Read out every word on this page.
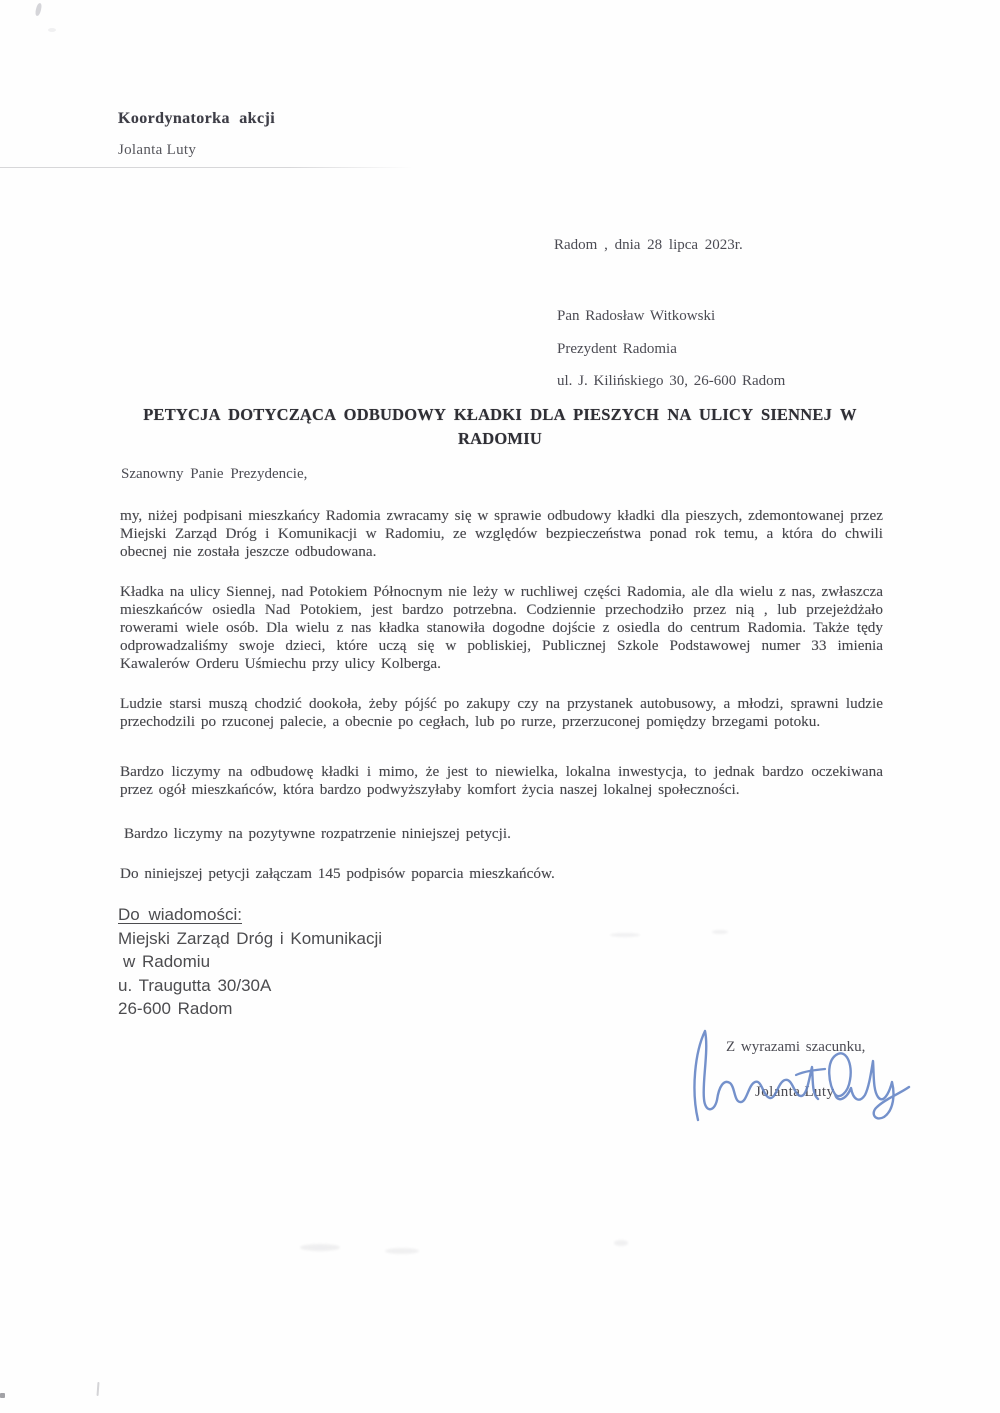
Koordynatorka akcji
Jolanta Luty
Radom , dnia 28 lipca 2023r.
Pan Radosław Witkowski
Prezydent Radomia
ul. J. Kilińskiego 30, 26-600 Radom
PETYCJA DOTYCZĄCA ODBUDOWY KŁADKI DLA PIESZYCH NA ULICY SIENNEJ W
RADOMIU
Szanowny Panie Prezydencie,

my, niżej podpisani mieszkańcy Radomia zwracamy się w sprawie odbudowy kładki dla pieszych, zdemontowanej przez Miejski Zarząd Dróg i Komunikacji w Radomiu, ze względów bezpieczeństwa ponad rok temu, a która do chwili obecnej nie została jeszcze odbudowana.

Kładka na ulicy Siennej, nad Potokiem Północnym nie leży w ruchliwej części Radomia, ale dla wielu z nas, zwłaszcza mieszkańców osiedla Nad Potokiem, jest bardzo potrzebna. Codziennie przechodziło przez nią , lub przejeżdżało rowerami wiele osób. Dla wielu z nas kładka stanowiła dogodne dojście z osiedla do centrum Radomia. Także tędy odprowadzaliśmy swoje dzieci, które uczą się w pobliskiej, Publicznej Szkole Podstawowej numer 33 imienia Kawalerów Orderu Uśmiechu przy ulicy Kolberga.

Ludzie starsi muszą chodzić dookoła, żeby pójść po zakupy czy na przystanek autobusowy, a młodzi, sprawni ludzie przechodzili po rzuconej palecie, a obecnie po cegłach, lub po rurze, przerzuconej pomiędzy brzegami potoku.

Bardzo liczymy na odbudowę kładki i mimo, że jest to niewielka, lokalna inwestycja, to jednak bardzo oczekiwana przez ogół mieszkańców, która bardzo podwyższyłaby komfort życia naszej lokalnej społeczności.

Bardzo liczymy na pozytywne rozpatrzenie niniejszej petycji.

Do niniejszej petycji załączam 145 podpisów poparcia mieszkańców.

Do wiadomości:
Miejski Zarząd Dróg i Komunikacji
w Radomiu
u. Traugutta 30/30A
26-600 Radom
Z wyrazami szacunku,
Jolanta Luty
